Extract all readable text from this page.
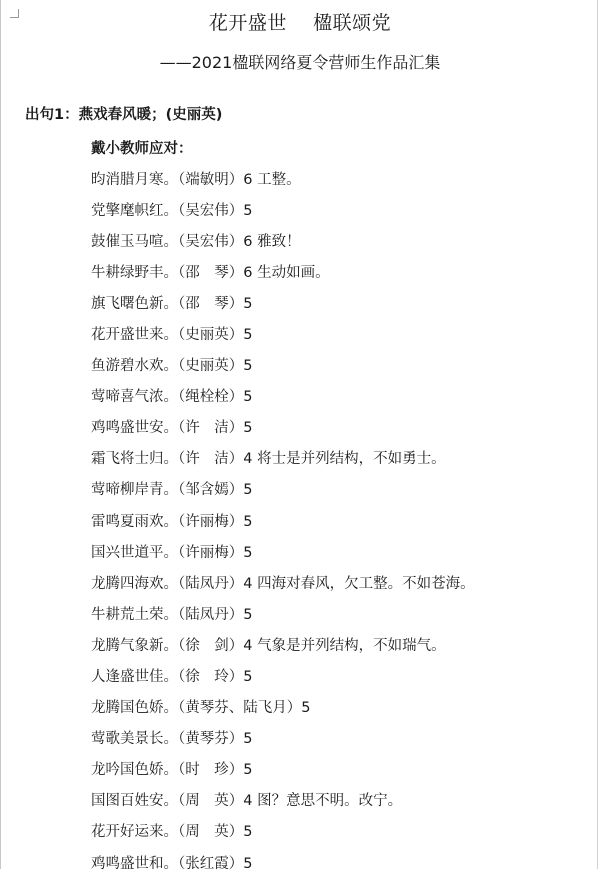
花开盛世    楹联颂党
——2021楹联网络夏令营师生作品汇集
出句1：燕戏春风暖；(史丽英)
戴小教师应对：
昀消腊月寒。（端敏明）6 工整。
党擎麾帜红。（吴宏伟）5
鼓催玉马喧。（吴宏伟）6 雅致！
牛耕绿野丰。（邵　琴）6 生动如画。
旗飞曙色新。（邵　琴）5
花开盛世来。（史丽英）5
鱼游碧水欢。（史丽英）5
莺啼喜气浓。（绳栓栓）5
鸡鸣盛世安。（许　洁）5
霜飞将士归。（许　洁）4 将士是并列结构，不如勇士。
莺啼柳岸青。（邹含嫣）5
雷鸣夏雨欢。（许丽梅）5
国兴世道平。（许丽梅）5
龙腾四海欢。（陆凤丹）4 四海对春风，欠工整。不如苍海。
牛耕荒土荣。（陆凤丹）5
龙腾气象新。（徐　剑）4 气象是并列结构，不如瑞气。
人逢盛世佳。（徐　玲）5
龙腾国色娇。（黄琴芬、陆飞月）5
莺歌美景长。（黄琴芬）5
龙吟国色娇。（时　珍）5
国图百姓安。（周　英）4 图？意思不明。改宁。
花开好运来。（周　英）5
鸡鸣盛世和。（张红霞）5
